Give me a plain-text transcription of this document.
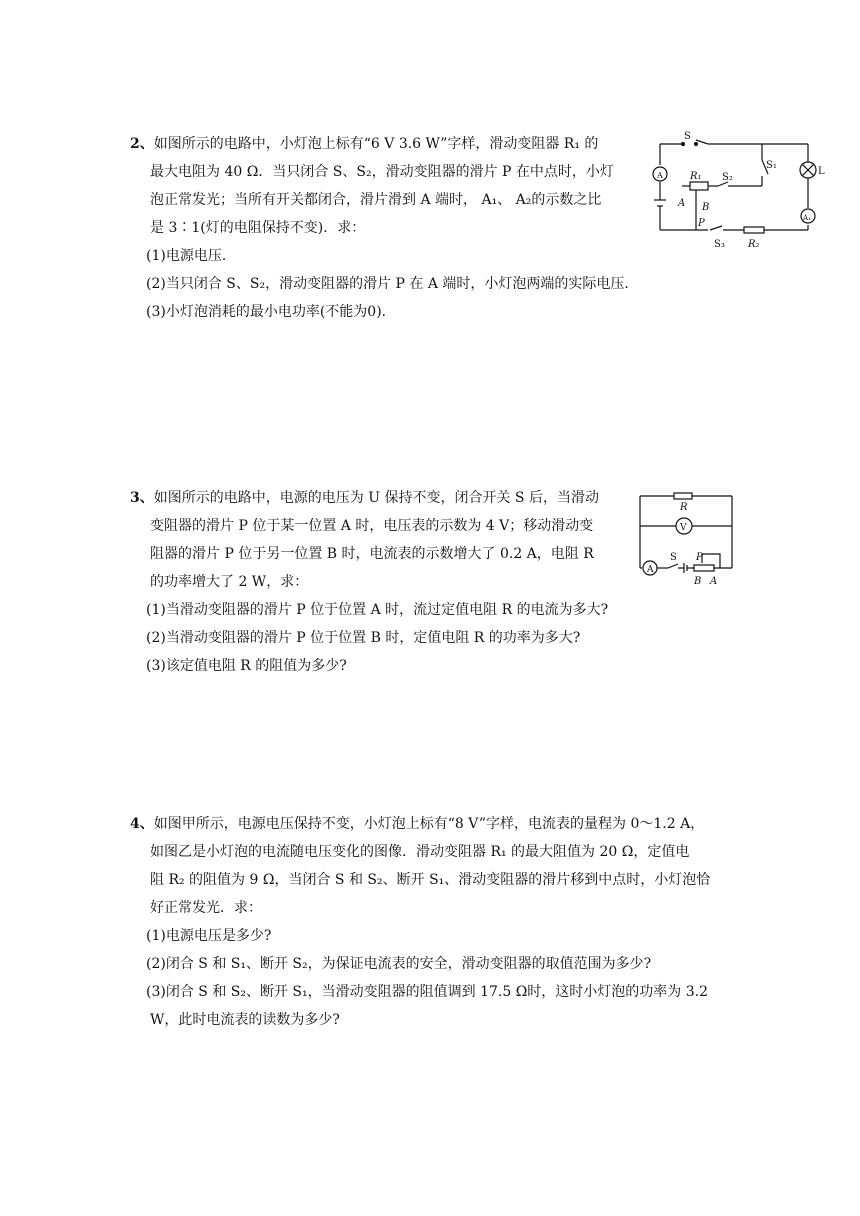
2、如图所示的电路中，小灯泡上标有“6 V 3.6 W”字样，滑动变阻器 R₁ 的
最大电阻为 40 Ω．当只闭合 S、S₂，滑动变阻器的滑片 P 在中点时，小灯
泡正常发光；当所有开关都闭合，滑片滑到 A 端时， A₁、 A₂的示数之比
是 3∶1(灯的电阻保持不变)．求：

(1)电源电压．

(2)当只闭合 S、S₂，滑动变阻器的滑片 P 在 A 端时，小灯泡两端的实际电压．

(3)小灯泡消耗的最小电功率(不能为0)．

S
S₁
S₂
S₃
R₁
R₂
L
A B
P
A
A₁

3、如图所示的电路中，电源的电压为 U 保持不变，闭合开关 S 后，当滑动
变阻器的滑片 P 位于某一位置 A 时，电压表的示数为 4 V；移动滑动变
阻器的滑片 P 位于另一位置 B 时，电流表的示数增大了 0.2 A，电阻 R
的功率增大了 2 W，求：

(1)当滑动变阻器的滑片 P 位于位置 A 时，流过定值电阻 R 的电流为多大?

(2)当滑动变阻器的滑片 P 位于位置 B 时，定值电阻 R 的功率为多大?

(3)该定值电阻 R 的阻值为多少?

R
V
A
S P
B A

4、如图甲所示，电源电压保持不变，小灯泡上标有“8 V”字样，电流表的量程为 0～1.2 A，
如图乙是小灯泡的电流随电压变化的图像．滑动变阻器 R₁ 的最大阻值为 20 Ω，定值电
阻 R₂ 的阻值为 9 Ω，当闭合 S 和 S₂、断开 S₁、滑动变阻器的滑片移到中点时，小灯泡恰
好正常发光．求：

(1)电源电压是多少?

(2)闭合 S 和 S₁、断开 S₂，为保证电流表的安全，滑动变阻器的取值范围为多少?

(3)闭合 S 和 S₂、断开 S₁，当滑动变阻器的阻值调到 17.5 Ω时，这时小灯泡的功率为 3.2

W，此时电流表的读数为多少?
